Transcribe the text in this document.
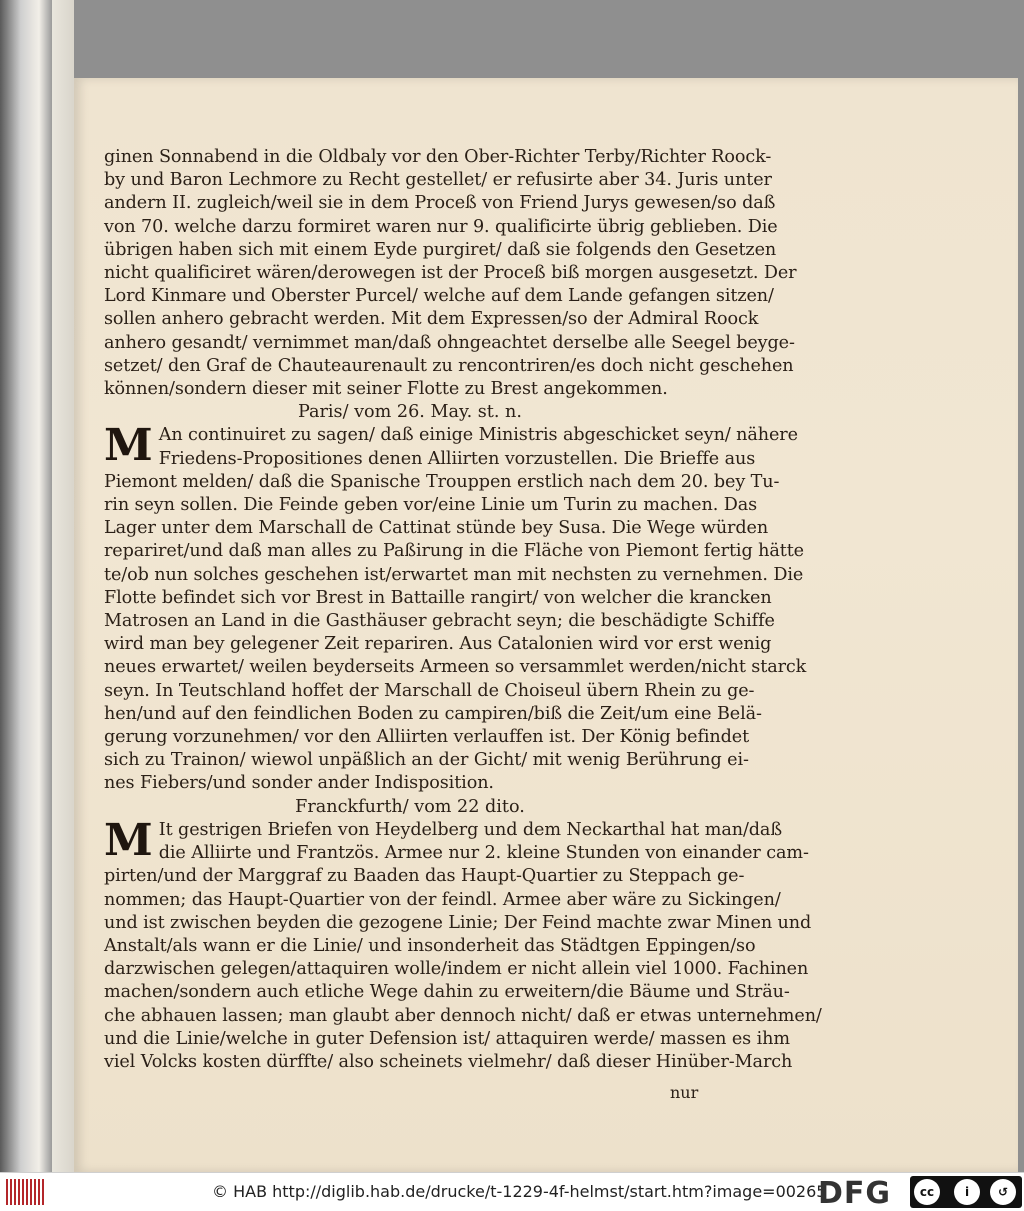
ginen Sonnabend in die Oldbaly vor den Ober-Richter Terby/Richter Roock-
by und Baron Lechmore zu Recht gestellet/ er refusirte aber 34. Juris unter
andern II. zugleich/weil sie in dem Proceß von Friend Jurys gewesen/so daß
von 70. welche darzu formiret waren nur 9. qualificirte übrig geblieben. Die
übrigen haben sich mit einem Eyde purgiret/ daß sie folgends den Gesetzen
nicht qualificiret wären/derowegen ist der Proceß biß morgen ausgesetzt. Der
Lord Kinmare und Oberster Purcel/ welche auf dem Lande gefangen sitzen/
sollen anhero gebracht werden. Mit dem Expressen/so der Admiral Roock
anhero gesandt/ vernimmet man/daß ohngeachtet derselbe alle Seegel beyge-
setzet/ den Graf de Chauteaurenault zu rencontriren/es doch nicht geschehen
können/sondern dieser mit seiner Flotte zu Brest angekommen.
Paris/ vom 26. May. st. n.
M An continuiret zu sagen/ daß einige Ministris abgeschicket seyn/ nähere
Friedens-Propositiones denen Alliirten vorzustellen. Die Brieffe aus
Piemont melden/ daß die Spanische Trouppen erstlich nach dem 20. bey Tu-
rin seyn sollen. Die Feinde geben vor/eine Linie um Turin zu machen. Das
Lager unter dem Marschall de Cattinat stünde bey Susa. Die Wege würden
repariret/und daß man alles zu Paßirung in die Fläche von Piemont fertig hätte
te/ob nun solches geschehen ist/erwartet man mit nechsten zu vernehmen. Die
Flotte befindet sich vor Brest in Battaille rangirt/ von welcher die krancken
Matrosen an Land in die Gasthäuser gebracht seyn; die beschädigte Schiffe
wird man bey gelegener Zeit repariren. Aus Catalonien wird vor erst wenig
neues erwartet/ weilen beyderseits Armeen so versammlet werden/nicht starck
seyn. In Teutschland hoffet der Marschall de Choiseul übern Rhein zu ge-
hen/und auf den feindlichen Boden zu campiren/biß die Zeit/um eine Belä-
gerung vorzunehmen/ vor den Alliirten verlauffen ist. Der König befindet
sich zu Trainon/ wiewol unpäßlich an der Gicht/ mit wenig Berührung ei-
nes Fiebers/und sonder ander Indisposition.
Franckfurth/ vom 22 dito.
M It gestrigen Briefen von Heydelberg und dem Neckarthal hat man/daß
die Alliirte und Frantzös. Armee nur 2. kleine Stunden von einander cam-
pirten/und der Marggraf zu Baaden das Haupt-Quartier zu Steppach ge-
nommen; das Haupt-Quartier von der feindl. Armee aber wäre zu Sickingen/
und ist zwischen beyden die gezogene Linie; Der Feind machte zwar Minen und
Anstalt/als wann er die Linie/ und insonderheit das Städtgen Eppingen/so
darzwischen gelegen/attaquiren wolle/indem er nicht allein viel 1000. Fachinen
machen/sondern auch etliche Wege dahin zu erweitern/die Bäume und Sträu-
che abhauen lassen; man glaubt aber dennoch nicht/ daß er etwas unternehmen/
und die Linie/welche in guter Defension ist/ attaquiren werde/ massen es ihm
viel Volcks kosten dürffte/ also scheinets vielmehr/ daß dieser Hinüber-March
nur
© HAB http://diglib.hab.de/drucke/t-1229-4f-helmst/start.htm?image=00265
DFG	cc	i	↺
